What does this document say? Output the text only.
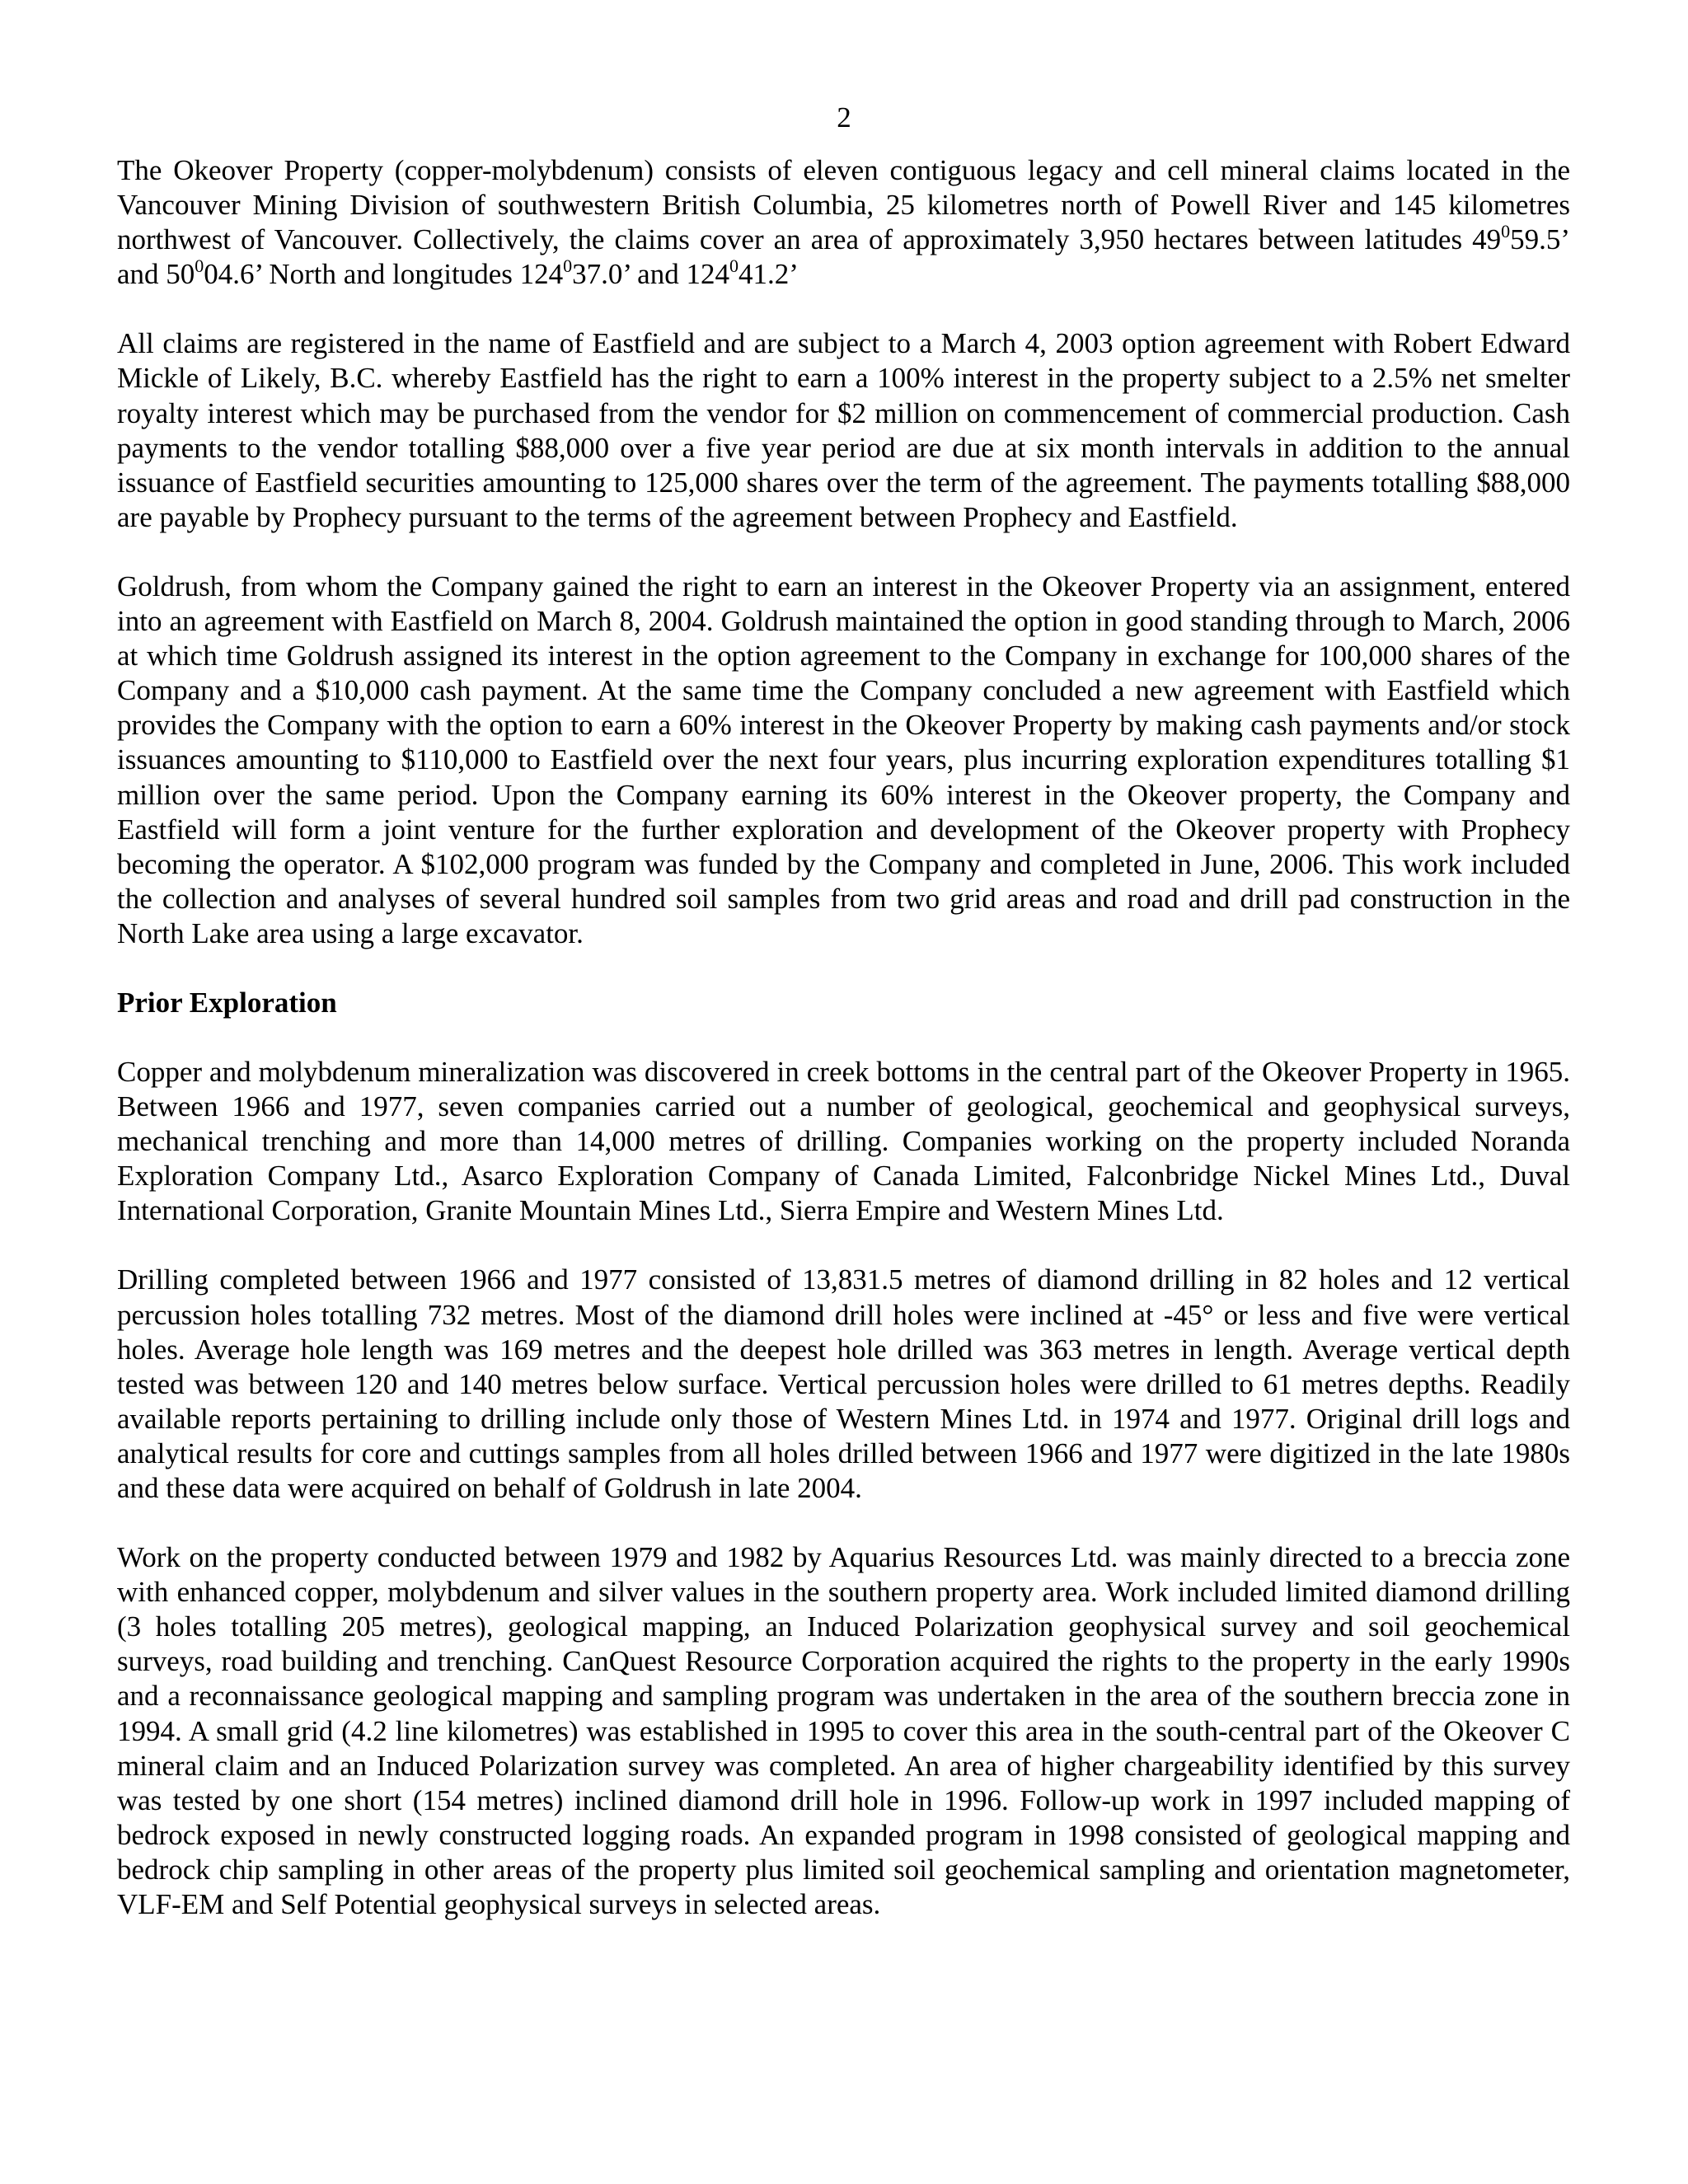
2

The Okeover Property (copper-molybdenum) consists of eleven contiguous legacy and cell mineral claims located in the Vancouver Mining Division of southwestern British Columbia, 25 kilometres north of Powell River and 145 kilometres northwest of Vancouver. Collectively, the claims cover an area of approximately 3,950 hectares between latitudes $49^059.5$’ and $50^004.6$’ North and longitudes $124^037.0$’ and $124^041.2$’

All claims are registered in the name of Eastfield and are subject to a March 4, 2003 option agreement with Robert Edward Mickle of Likely, B.C. whereby Eastfield has the right to earn a 100% interest in the property subject to a 2.5% net smelter royalty interest which may be purchased from the vendor for $2 million on commencement of commercial production. Cash payments to the vendor totalling $88,000 over a five year period are due at six month intervals in addition to the annual issuance of Eastfield securities amounting to 125,000 shares over the term of the agreement. The payments totalling $88,000 are payable by Prophecy pursuant to the terms of the agreement between Prophecy and Eastfield.

Goldrush, from whom the Company gained the right to earn an interest in the Okeover Property via an assignment, entered into an agreement with Eastfield on March 8, 2004. Goldrush maintained the option in good standing through to March, 2006 at which time Goldrush assigned its interest in the option agreement to the Company in exchange for 100,000 shares of the Company and a $10,000 cash payment. At the same time the Company concluded a new agreement with Eastfield which provides the Company with the option to earn a 60% interest in the Okeover Property by making cash payments and/or stock issuances amounting to $110,000 to Eastfield over the next four years, plus incurring exploration expenditures totalling $1 million over the same period. Upon the Company earning its 60% interest in the Okeover property, the Company and Eastfield will form a joint venture for the further exploration and development of the Okeover property with Prophecy becoming the operator. A $102,000 program was funded by the Company and completed in June, 2006. This work included the collection and analyses of several hundred soil samples from two grid areas and road and drill pad construction in the North Lake area using a large excavator.

Prior Exploration

Copper and molybdenum mineralization was discovered in creek bottoms in the central part of the Okeover Property in 1965. Between 1966 and 1977, seven companies carried out a number of geological, geochemical and geophysical surveys, mechanical trenching and more than 14,000 metres of drilling. Companies working on the property included Noranda Exploration Company Ltd., Asarco Exploration Company of Canada Limited, Falconbridge Nickel Mines Ltd., Duval International Corporation, Granite Mountain Mines Ltd., Sierra Empire and Western Mines Ltd.

Drilling completed between 1966 and 1977 consisted of 13,831.5 metres of diamond drilling in 82 holes and 12 vertical percussion holes totalling 732 metres. Most of the diamond drill holes were inclined at -45° or less and five were vertical holes. Average hole length was 169 metres and the deepest hole drilled was 363 metres in length. Average vertical depth tested was between 120 and 140 metres below surface. Vertical percussion holes were drilled to 61 metres depths. Readily available reports pertaining to drilling include only those of Western Mines Ltd. in 1974 and 1977. Original drill logs and analytical results for core and cuttings samples from all holes drilled between 1966 and 1977 were digitized in the late 1980s and these data were acquired on behalf of Goldrush in late 2004.

Work on the property conducted between 1979 and 1982 by Aquarius Resources Ltd. was mainly directed to a breccia zone with enhanced copper, molybdenum and silver values in the southern property area. Work included limited diamond drilling (3 holes totalling 205 metres), geological mapping, an Induced Polarization geophysical survey and soil geochemical surveys, road building and trenching. CanQuest Resource Corporation acquired the rights to the property in the early 1990s and a reconnaissance geological mapping and sampling program was undertaken in the area of the southern breccia zone in 1994. A small grid (4.2 line kilometres) was established in 1995 to cover this area in the south-central part of the Okeover C mineral claim and an Induced Polarization survey was completed. An area of higher chargeability identified by this survey was tested by one short (154 metres) inclined diamond drill hole in 1996. Follow-up work in 1997 included mapping of bedrock exposed in newly constructed logging roads. An expanded program in 1998 consisted of geological mapping and bedrock chip sampling in other areas of the property plus limited soil geochemical sampling and orientation magnetometer, VLF-EM and Self Potential geophysical surveys in selected areas.
